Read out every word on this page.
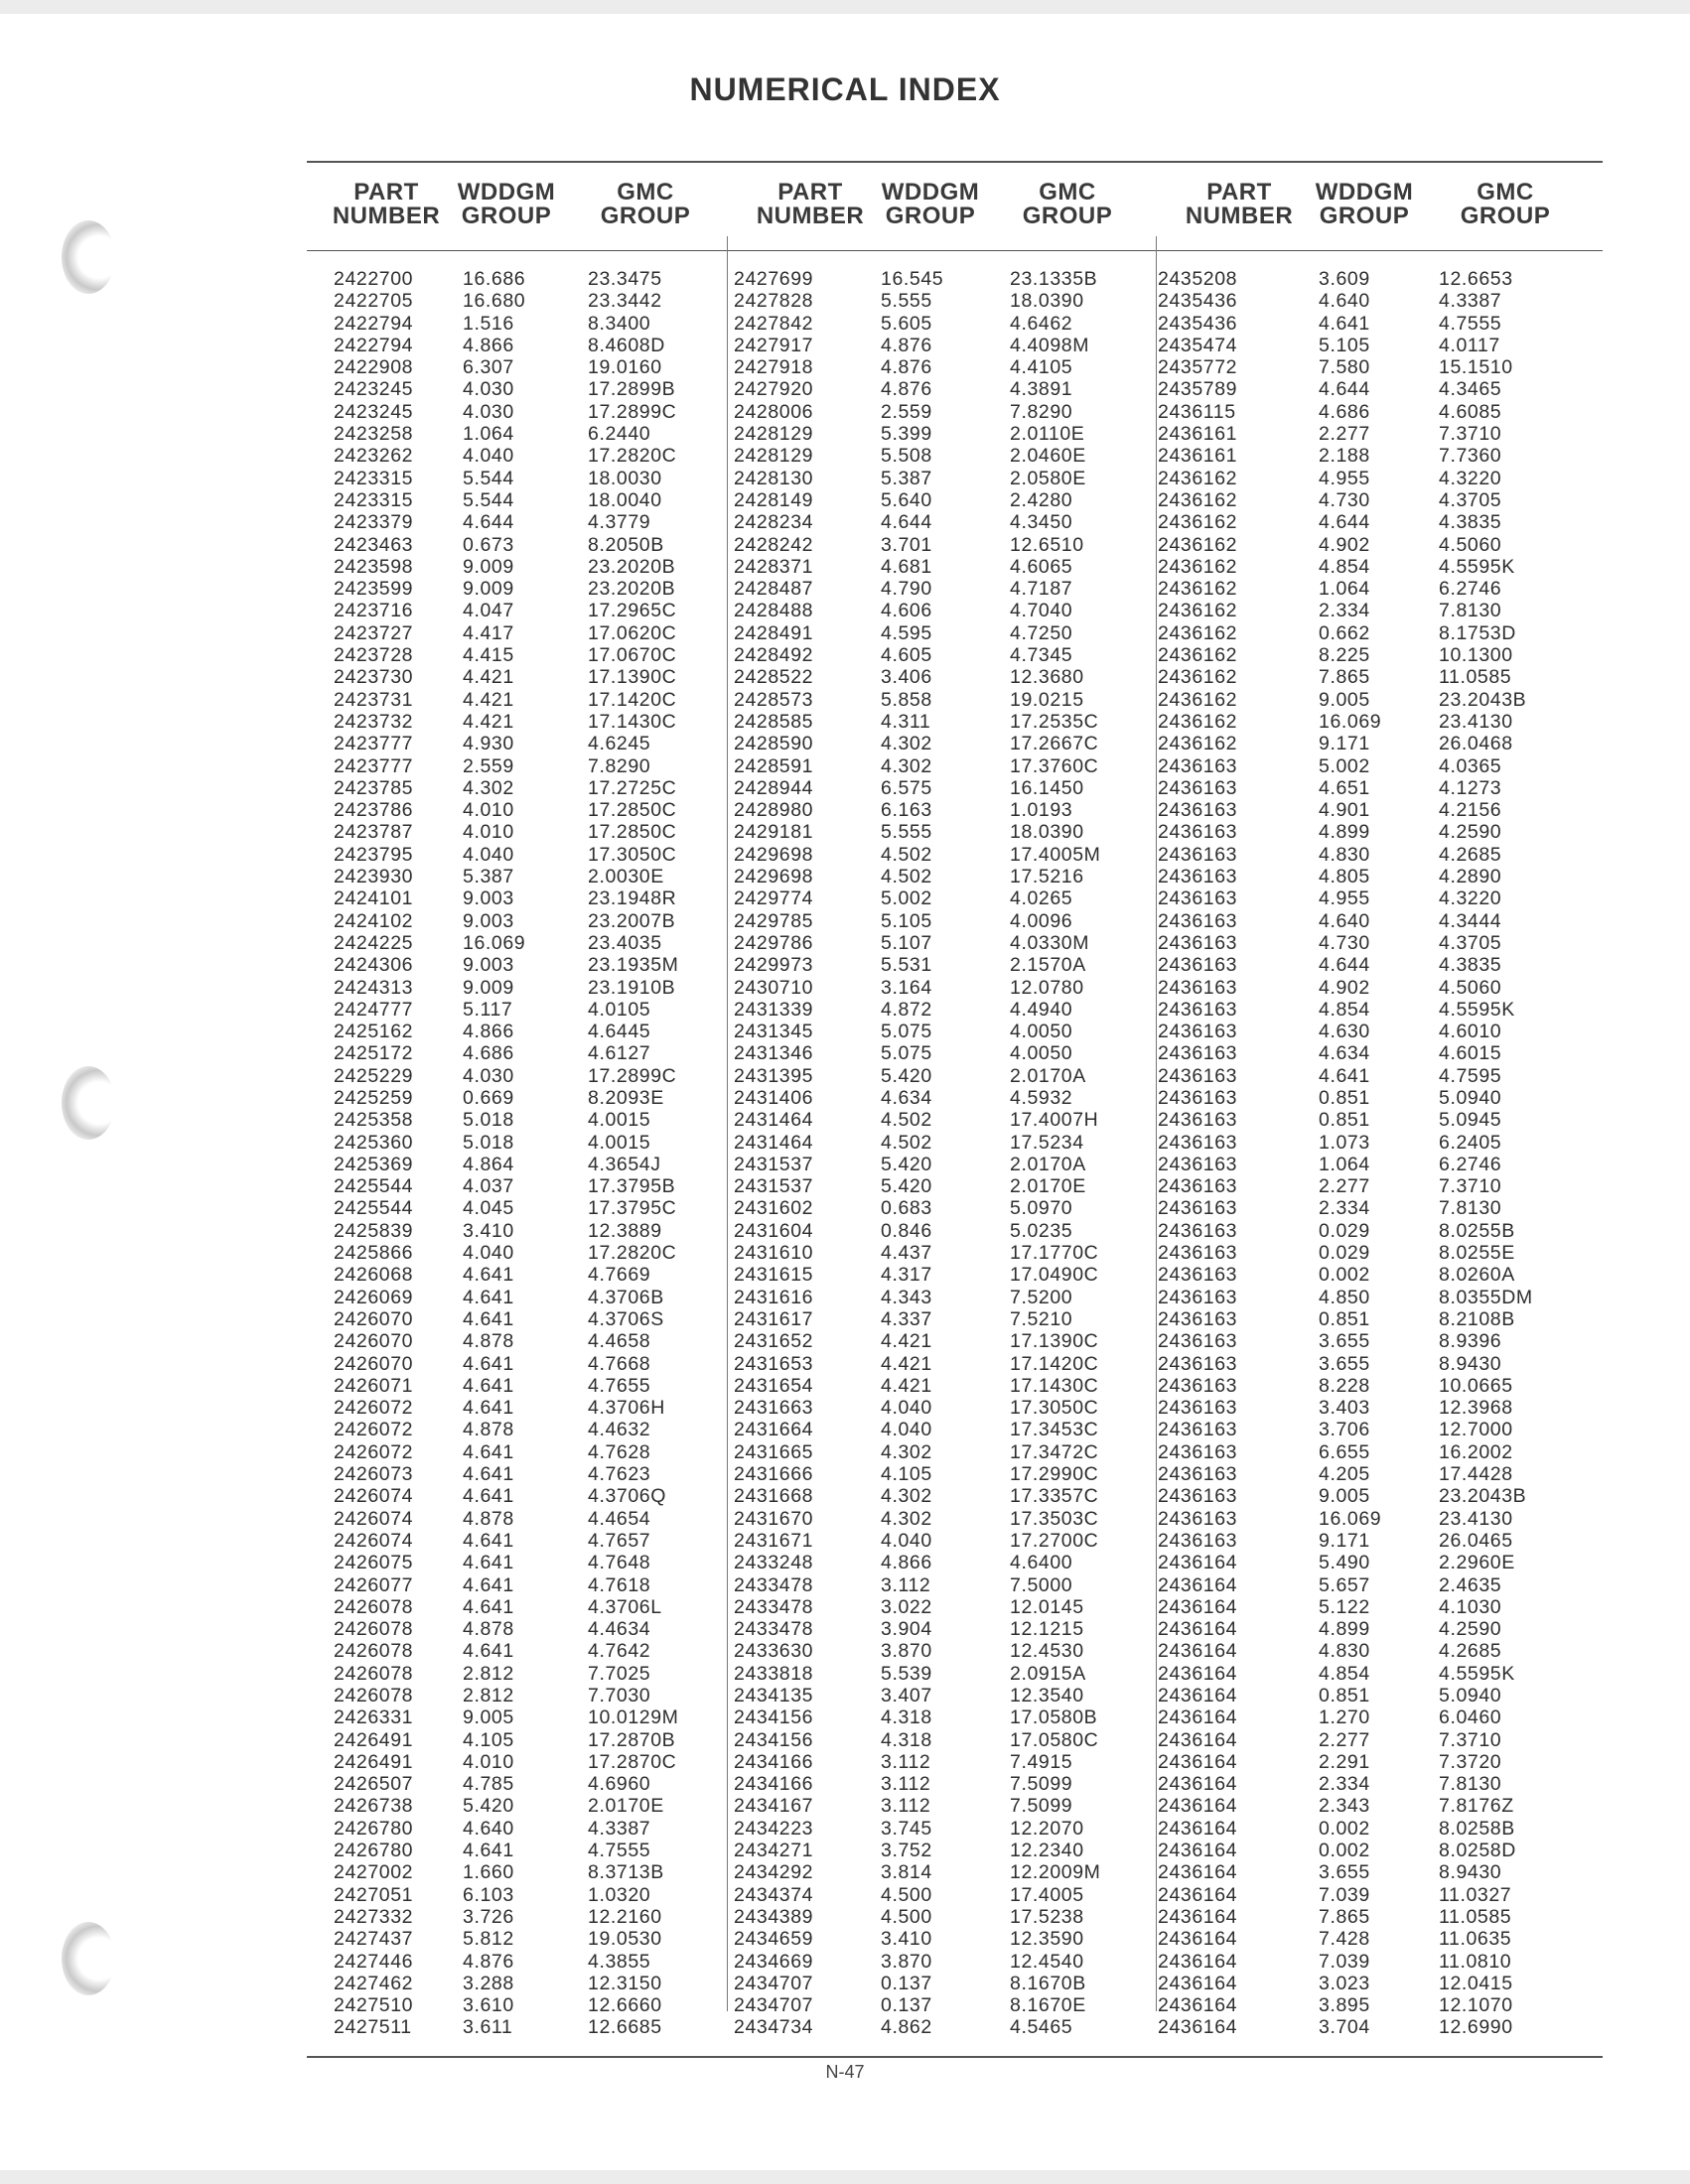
NUMERICAL INDEX
PART
NUMBER
WDDGM
GROUP
GMC
GROUP
PART
NUMBER
WDDGM
GROUP
GMC
GROUP
PART
NUMBER
WDDGM
GROUP
GMC
GROUP
2422700
2422705
2422794
2422794
2422908
2423245
2423245
2423258
2423262
2423315
2423315
2423379
2423463
2423598
2423599
2423716
2423727
2423728
2423730
2423731
2423732
2423777
2423777
2423785
2423786
2423787
2423795
2423930
2424101
2424102
2424225
2424306
2424313
2424777
2425162
2425172
2425229
2425259
2425358
2425360
2425369
2425544
2425544
2425839
2425866
2426068
2426069
2426070
2426070
2426070
2426071
2426072
2426072
2426072
2426073
2426074
2426074
2426074
2426075
2426077
2426078
2426078
2426078
2426078
2426078
2426331
2426491
2426491
2426507
2426738
2426780
2426780
2427002
2427051
2427332
2427437
2427446
2427462
2427510
2427511
16.686
16.680
1.516
4.866
6.307
4.030
4.030
1.064
4.040
5.544
5.544
4.644
0.673
9.009
9.009
4.047
4.417
4.415
4.421
4.421
4.421
4.930
2.559
4.302
4.010
4.010
4.040
5.387
9.003
9.003
16.069
9.003
9.009
5.117
4.866
4.686
4.030
0.669
5.018
5.018
4.864
4.037
4.045
3.410
4.040
4.641
4.641
4.641
4.878
4.641
4.641
4.641
4.878
4.641
4.641
4.641
4.878
4.641
4.641
4.641
4.641
4.878
4.641
2.812
2.812
9.005
4.105
4.010
4.785
5.420
4.640
4.641
1.660
6.103
3.726
5.812
4.876
3.288
3.610
3.611
23.3475
23.3442
8.3400
8.4608D
19.0160
17.2899B
17.2899C
6.2440
17.2820C
18.0030
18.0040
4.3779
8.2050B
23.2020B
23.2020B
17.2965C
17.0620C
17.0670C
17.1390C
17.1420C
17.1430C
4.6245
7.8290
17.2725C
17.2850C
17.2850C
17.3050C
2.0030E
23.1948R
23.2007B
23.4035
23.1935M
23.1910B
4.0105
4.6445
4.6127
17.2899C
8.2093E
4.0015
4.0015
4.3654J
17.3795B
17.3795C
12.3889
17.2820C
4.7669
4.3706B
4.3706S
4.4658
4.7668
4.7655
4.3706H
4.4632
4.7628
4.7623
4.3706Q
4.4654
4.7657
4.7648
4.7618
4.3706L
4.4634
4.7642
7.7025
7.7030
10.0129M
17.2870B
17.2870C
4.6960
2.0170E
4.3387
4.7555
8.3713B
1.0320
12.2160
19.0530
4.3855
12.3150
12.6660
12.6685
2427699
2427828
2427842
2427917
2427918
2427920
2428006
2428129
2428129
2428130
2428149
2428234
2428242
2428371
2428487
2428488
2428491
2428492
2428522
2428573
2428585
2428590
2428591
2428944
2428980
2429181
2429698
2429698
2429774
2429785
2429786
2429973
2430710
2431339
2431345
2431346
2431395
2431406
2431464
2431464
2431537
2431537
2431602
2431604
2431610
2431615
2431616
2431617
2431652
2431653
2431654
2431663
2431664
2431665
2431666
2431668
2431670
2431671
2433248
2433478
2433478
2433478
2433630
2433818
2434135
2434156
2434156
2434166
2434166
2434167
2434223
2434271
2434292
2434374
2434389
2434659
2434669
2434707
2434707
2434734
16.545
5.555
5.605
4.876
4.876
4.876
2.559
5.399
5.508
5.387
5.640
4.644
3.701
4.681
4.790
4.606
4.595
4.605
3.406
5.858
4.311
4.302
4.302
6.575
6.163
5.555
4.502
4.502
5.002
5.105
5.107
5.531
3.164
4.872
5.075
5.075
5.420
4.634
4.502
4.502
5.420
5.420
0.683
0.846
4.437
4.317
4.343
4.337
4.421
4.421
4.421
4.040
4.040
4.302
4.105
4.302
4.302
4.040
4.866
3.112
3.022
3.904
3.870
5.539
3.407
4.318
4.318
3.112
3.112
3.112
3.745
3.752
3.814
4.500
4.500
3.410
3.870
0.137
0.137
4.862
23.1335B
18.0390
4.6462
4.4098M
4.4105
4.3891
7.8290
2.0110E
2.0460E
2.0580E
2.4280
4.3450
12.6510
4.6065
4.7187
4.7040
4.7250
4.7345
12.3680
19.0215
17.2535C
17.2667C
17.3760C
16.1450
1.0193
18.0390
17.4005M
17.5216
4.0265
4.0096
4.0330M
2.1570A
12.0780
4.4940
4.0050
4.0050
2.0170A
4.5932
17.4007H
17.5234
2.0170A
2.0170E
5.0970
5.0235
17.1770C
17.0490C
7.5200
7.5210
17.1390C
17.1420C
17.1430C
17.3050C
17.3453C
17.3472C
17.2990C
17.3357C
17.3503C
17.2700C
4.6400
7.5000
12.0145
12.1215
12.4530
2.0915A
12.3540
17.0580B
17.0580C
7.4915
7.5099
7.5099
12.2070
12.2340
12.2009M
17.4005
17.5238
12.3590
12.4540
8.1670B
8.1670E
4.5465
2435208
2435436
2435436
2435474
2435772
2435789
2436115
2436161
2436161
2436162
2436162
2436162
2436162
2436162
2436162
2436162
2436162
2436162
2436162
2436162
2436162
2436162
2436163
2436163
2436163
2436163
2436163
2436163
2436163
2436163
2436163
2436163
2436163
2436163
2436163
2436163
2436163
2436163
2436163
2436163
2436163
2436163
2436163
2436163
2436163
2436163
2436163
2436163
2436163
2436163
2436163
2436163
2436163
2436163
2436163
2436163
2436163
2436163
2436164
2436164
2436164
2436164
2436164
2436164
2436164
2436164
2436164
2436164
2436164
2436164
2436164
2436164
2436164
2436164
2436164
2436164
2436164
2436164
2436164
2436164
3.609
4.640
4.641
5.105
7.580
4.644
4.686
2.277
2.188
4.955
4.730
4.644
4.902
4.854
1.064
2.334
0.662
8.225
7.865
9.005
16.069
9.171
5.002
4.651
4.901
4.899
4.830
4.805
4.955
4.640
4.730
4.644
4.902
4.854
4.630
4.634
4.641
0.851
0.851
1.073
1.064
2.277
2.334
0.029
0.029
0.002
4.850
0.851
3.655
3.655
8.228
3.403
3.706
6.655
4.205
9.005
16.069
9.171
5.490
5.657
5.122
4.899
4.830
4.854
0.851
1.270
2.277
2.291
2.334
2.343
0.002
0.002
3.655
7.039
7.865
7.428
7.039
3.023
3.895
3.704
12.6653
4.3387
4.7555
4.0117
15.1510
4.3465
4.6085
7.3710
7.7360
4.3220
4.3705
4.3835
4.5060
4.5595K
6.2746
7.8130
8.1753D
10.1300
11.0585
23.2043B
23.4130
26.0468
4.0365
4.1273
4.2156
4.2590
4.2685
4.2890
4.3220
4.3444
4.3705
4.3835
4.5060
4.5595K
4.6010
4.6015
4.7595
5.0940
5.0945
6.2405
6.2746
7.3710
7.8130
8.0255B
8.0255E
8.0260A
8.0355DM
8.2108B
8.9396
8.9430
10.0665
12.3968
12.7000
16.2002
17.4428
23.2043B
23.4130
26.0465
2.2960E
2.4635
4.1030
4.2590
4.2685
4.5595K
5.0940
6.0460
7.3710
7.3720
7.8130
7.8176Z
8.0258B
8.0258D
8.9430
11.0327
11.0585
11.0635
11.0810
12.0415
12.1070
12.6990
N-47
